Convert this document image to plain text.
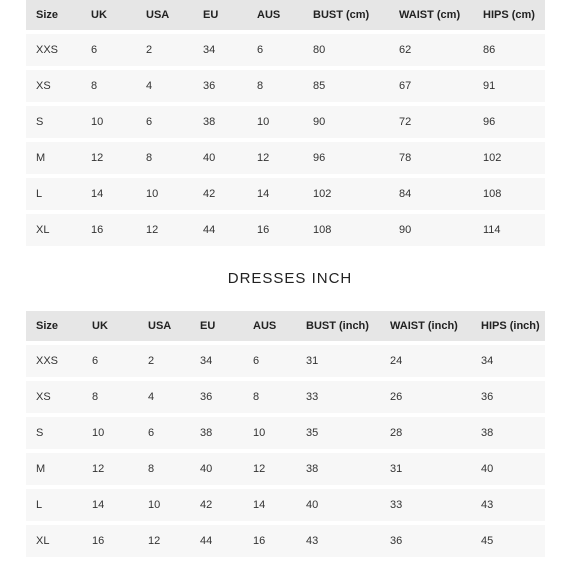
Size	UK	USA	EU	AUS	BUST (cm)	WAIST (cm)	HIPS (cm)
XXS	6	2	34	6	80	62	86
XS	8	4	36	8	85	67	91
S	10	6	38	10	90	72	96
M	12	8	40	12	96	78	102
L	14	10	42	14	102	84	108
XL	16	12	44	16	108	90	114
DRESSES INCH
Size	UK	USA	EU	AUS	BUST (inch)	WAIST (inch)	HIPS (inch)
XXS	6	2	34	6	31	24	34
XS	8	4	36	8	33	26	36
S	10	6	38	10	35	28	38
M	12	8	40	12	38	31	40
L	14	10	42	14	40	33	43
XL	16	12	44	16	43	36	45
